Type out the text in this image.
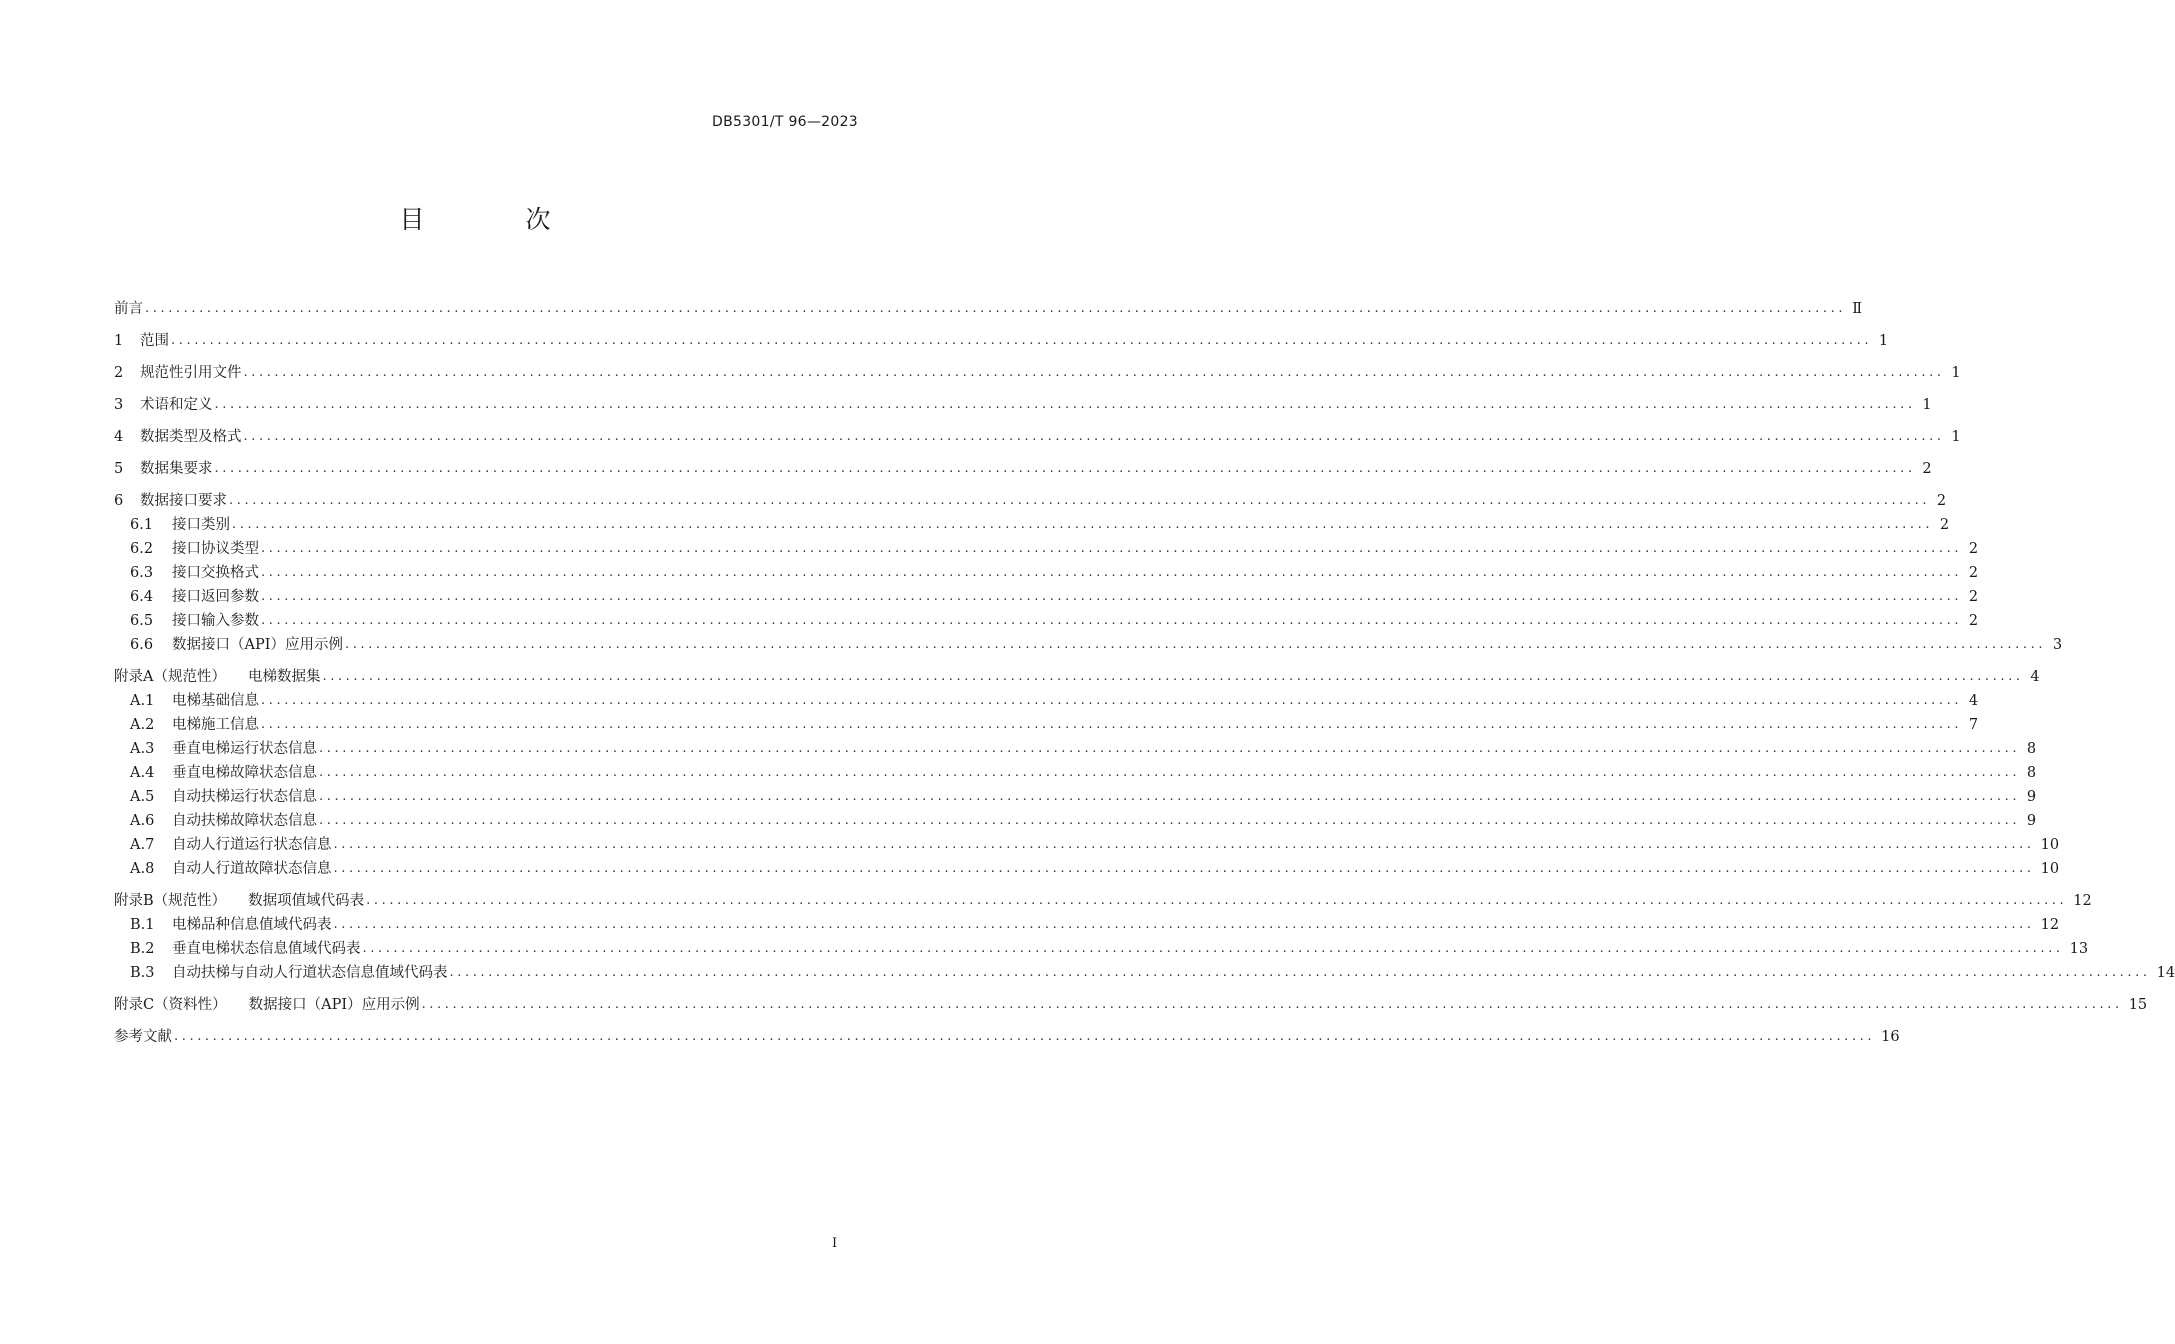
DB5301/T 96—2023
目　次
前言 ............................................................................................................................................................................................................................ Ⅱ
1	范围 ............................................................................................................................................................................................................................ 1
2	规范性引用文件 ............................................................................................................................................................................................................................ 1
3	术语和定义 ............................................................................................................................................................................................................................ 1
4	数据类型及格式 ............................................................................................................................................................................................................................ 1
5	数据集要求 ............................................................................................................................................................................................................................ 2
6	数据接口要求 ............................................................................................................................................................................................................................ 2
6.1	接口类别 ............................................................................................................................................................................................................................ 2
6.2	接口协议类型 ............................................................................................................................................................................................................................ 2
6.3	接口交换格式 ............................................................................................................................................................................................................................ 2
6.4	接口返回参数 ............................................................................................................................................................................................................................ 2
6.5	接口输入参数 ............................................................................................................................................................................................................................ 2
6.6	数据接口（API）应用示例 ............................................................................................................................................................................................................................ 3
附录A（规范性） 电梯数据集 ............................................................................................................................................................................................................................ 4
A.1	电梯基础信息 ............................................................................................................................................................................................................................ 4
A.2	电梯施工信息 ............................................................................................................................................................................................................................ 7
A.3	垂直电梯运行状态信息 ............................................................................................................................................................................................................................ 8
A.4	垂直电梯故障状态信息 ............................................................................................................................................................................................................................ 8
A.5	自动扶梯运行状态信息 ............................................................................................................................................................................................................................ 9
A.6	自动扶梯故障状态信息 ............................................................................................................................................................................................................................ 9
A.7	自动人行道运行状态信息 ............................................................................................................................................................................................................................ 10
A.8	自动人行道故障状态信息 ............................................................................................................................................................................................................................ 10
附录B（规范性） 数据项值域代码表 ............................................................................................................................................................................................................................ 12
B.1	电梯品种信息值域代码表 ............................................................................................................................................................................................................................ 12
B.2	垂直电梯状态信息值域代码表 ............................................................................................................................................................................................................................ 13
B.3	自动扶梯与自动人行道状态信息值域代码表 ............................................................................................................................................................................................................................ 14
附录C（资料性） 数据接口（API）应用示例 ............................................................................................................................................................................................................................ 15
参考文献 ............................................................................................................................................................................................................................ 16
I
